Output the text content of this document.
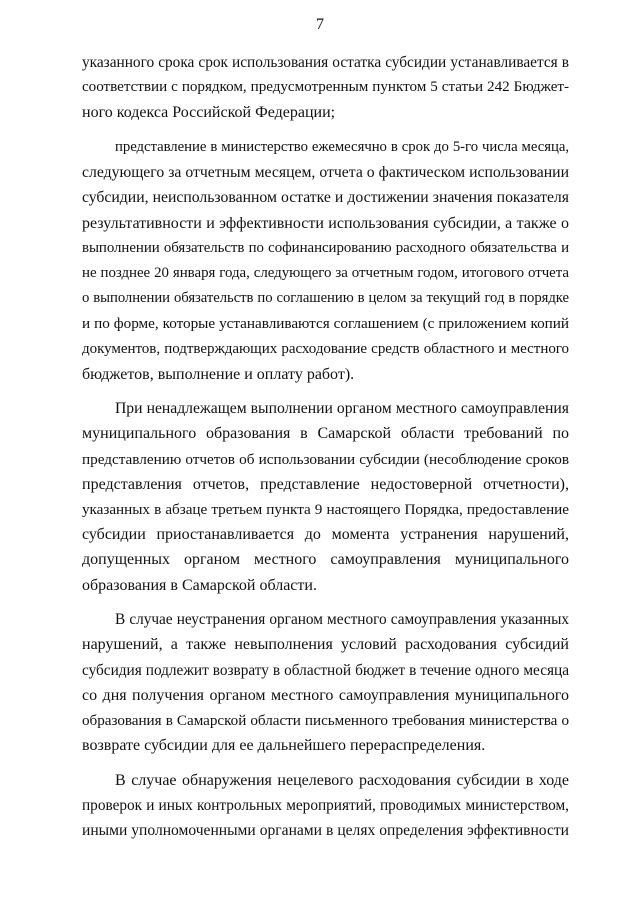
7
указанного срока срок использования остатка субсидии устанавливается в
соответствии с порядком, предусмотренным пунктом 5 статьи 242 Бюджет-
ного кодекса Российской Федерации;
представление в министерство ежемесячно в срок до 5-го числа месяца,
следующего за отчетным месяцем, отчета о фактическом использовании
субсидии, неиспользованном остатке и достижении значения показателя
результативности и эффективности использования субсидии, а также о
выполнении обязательств по софинансированию расходного обязательства и
не позднее 20 января года, следующего за отчетным годом, итогового отчета
о выполнении обязательств по соглашению в целом за текущий год в порядке
и по форме, которые устанавливаются соглашением (с приложением копий
документов, подтверждающих расходование средств областного и местного
бюджетов, выполнение и оплату работ).
При ненадлежащем выполнении органом местного самоуправления
муниципального образования в Самарской области требований по
представлению отчетов об использовании субсидии (несоблюдение сроков
представления отчетов, представление недостоверной отчетности),
указанных в абзаце третьем пункта 9 настоящего Порядка, предоставление
субсидии приостанавливается до момента устранения нарушений,
допущенных органом местного самоуправления муниципального
образования в Самарской области.
В случае неустранения органом местного самоуправления указанных
нарушений, а также невыполнения условий расходования субсидий
субсидия подлежит возврату в областной бюджет в течение одного месяца
со дня получения органом местного самоуправления муниципального
образования в Самарской области письменного требования министерства о
возврате субсидии для ее дальнейшего перераспределения.
В случае обнаружения нецелевого расходования субсидии в ходе
проверок и иных контрольных мероприятий, проводимых министерством,
иными уполномоченными органами в целях определения эффективности
